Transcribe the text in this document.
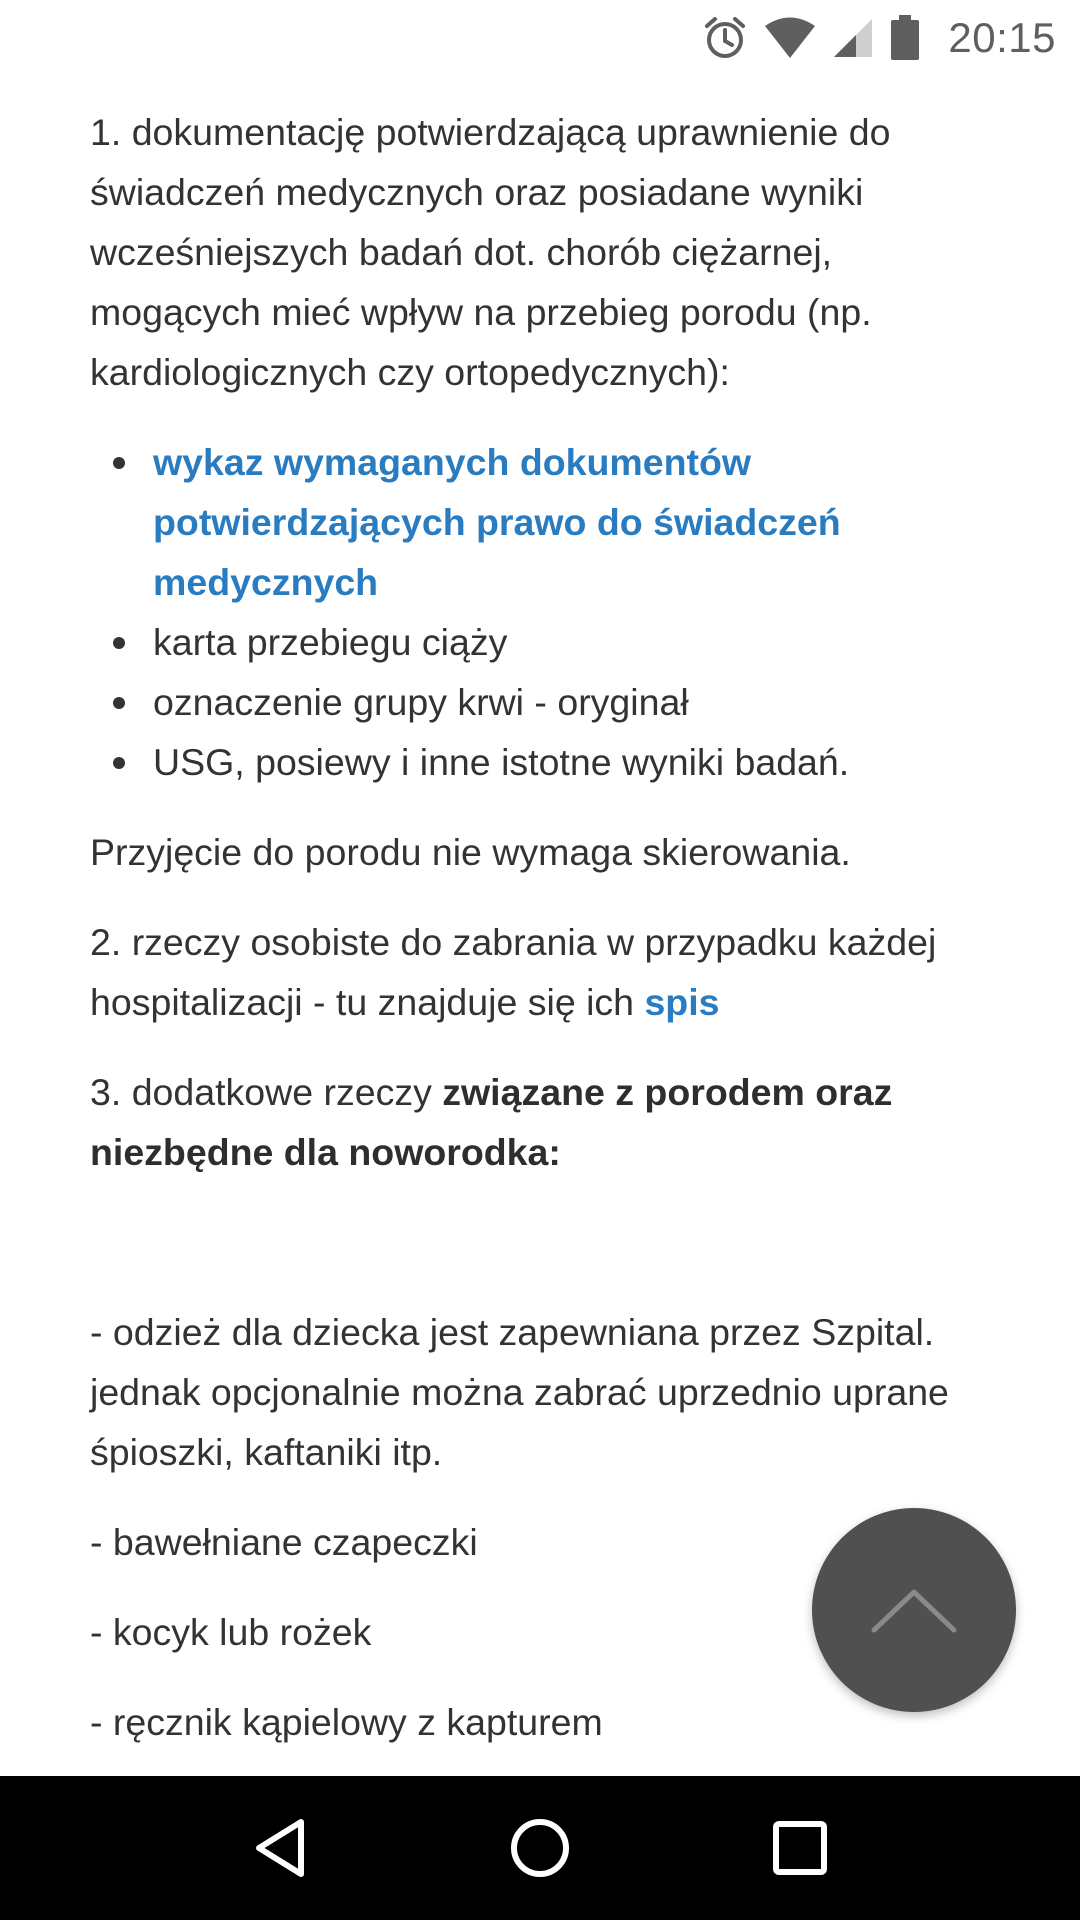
20:15

1. dokumentację potwierdzającą uprawnienie do świadczeń medycznych oraz posiadane wyniki wcześniejszych badań dot. chorób ciężarnej, mogących mieć wpływ na przebieg porodu (np. kardiologicznych czy ortopedycznych):

wykaz wymaganych dokumentów potwierdzających prawo do świadczeń medycznych
karta przebiegu ciąży
oznaczenie grupy krwi - oryginał
USG, posiewy i inne istotne wyniki badań.

Przyjęcie do porodu nie wymaga skierowania.

2. rzeczy osobiste do zabrania w przypadku każdej hospitalizacji - tu znajduje się ich spis

3. dodatkowe rzeczy związane z porodem oraz niezbędne dla noworodka:

- odzież dla dziecka jest zapewniana przez Szpital. jednak opcjonalnie można zabrać uprzednio uprane śpioszki, kaftaniki itp.

- bawełniane czapeczki

- kocyk lub rożek

- ręcznik kąpielowy z kapturem
